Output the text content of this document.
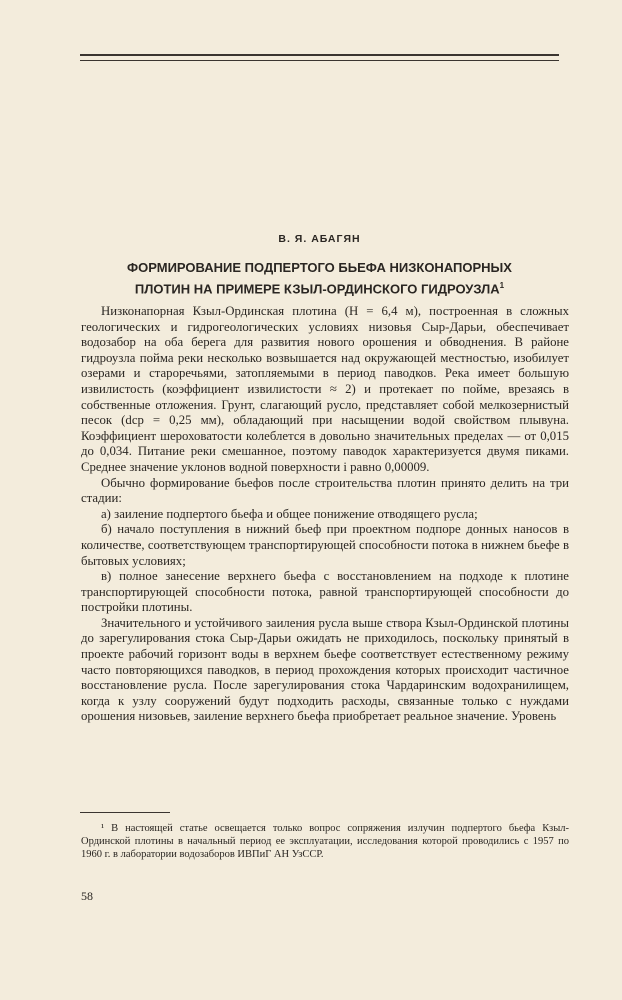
В. Я. АБАГЯН
ФОРМИРОВАНИЕ ПОДПЕРТОГО БЬЕФА НИЗКОНАПОРНЫХ
ПЛОТИН НА ПРИМЕРЕ КЗЫЛ-ОРДИНСКОГО ГИДРОУЗЛА$^1$

Низконапорная Кзыл-Ординская плотина (H = 6,4 м), построенная в сложных геологических и гидрогеологических условиях низовья Сыр-Дарьи, обеспечивает водозабор на оба берега для развития нового орошения и обводнения. В районе гидроузла пойма реки несколько возвышается над окружающей местностью, изобилует озерами и староречьями, затопляемыми в период паводков. Река имеет большую извилистость (коэффициент извилистости ≈ 2) и протекает по пойме, врезаясь в собственные отложения. Грунт, слагающий русло, представляет собой мелкозернистый песок (dср = 0,25 мм), обладающий при насыщении водой свойством плывуна. Коэффициент шероховатости колеблется в довольно значительных пределах — от 0,015 до 0,034. Питание реки смешанное, поэтому паводок характеризуется двумя пиками. Среднее значение уклонов водной поверхности i равно 0,00009.

Обычно формирование бьефов после строительства плотин принято делить на три стадии:

а) заиление подпертого бьефа и общее понижение отводящего русла;

б) начало поступления в нижний бьеф при проектном подпоре донных наносов в количестве, соответствующем транспортирующей способности потока в нижнем бьефе в бытовых условиях;

в) полное занесение верхнего бьефа с восстановлением на подходе к плотине транспортирующей способности потока, равной транспортирующей способности до постройки плотины.

Значительного и устойчивого заиления русла выше створа Кзыл-Ординской плотины до зарегулирования стока Сыр-Дарьи ожидать не приходилось, поскольку принятый в проекте рабочий горизонт воды в верхнем бьефе соответствует естественному режиму часто повторяющихся паводков, в период прохождения которых происходит частичное восстановление русла. После зарегулирования стока Чардаринским водохранилищем, когда к узлу сооружений будут подходить расходы, связанные только с нуждами орошения низовьев, заиление верхнего бьефа приобретает реальное значение. Уровень

¹ В настоящей статье освещается только вопрос сопряжения излучин подпертого бьефа Кзыл-Ординской плотины в начальный период ее эксплуатации, исследования которой проводились с 1957 по 1960 г. в лаборатории водозаборов ИВПиГ АН УзССР.

58
